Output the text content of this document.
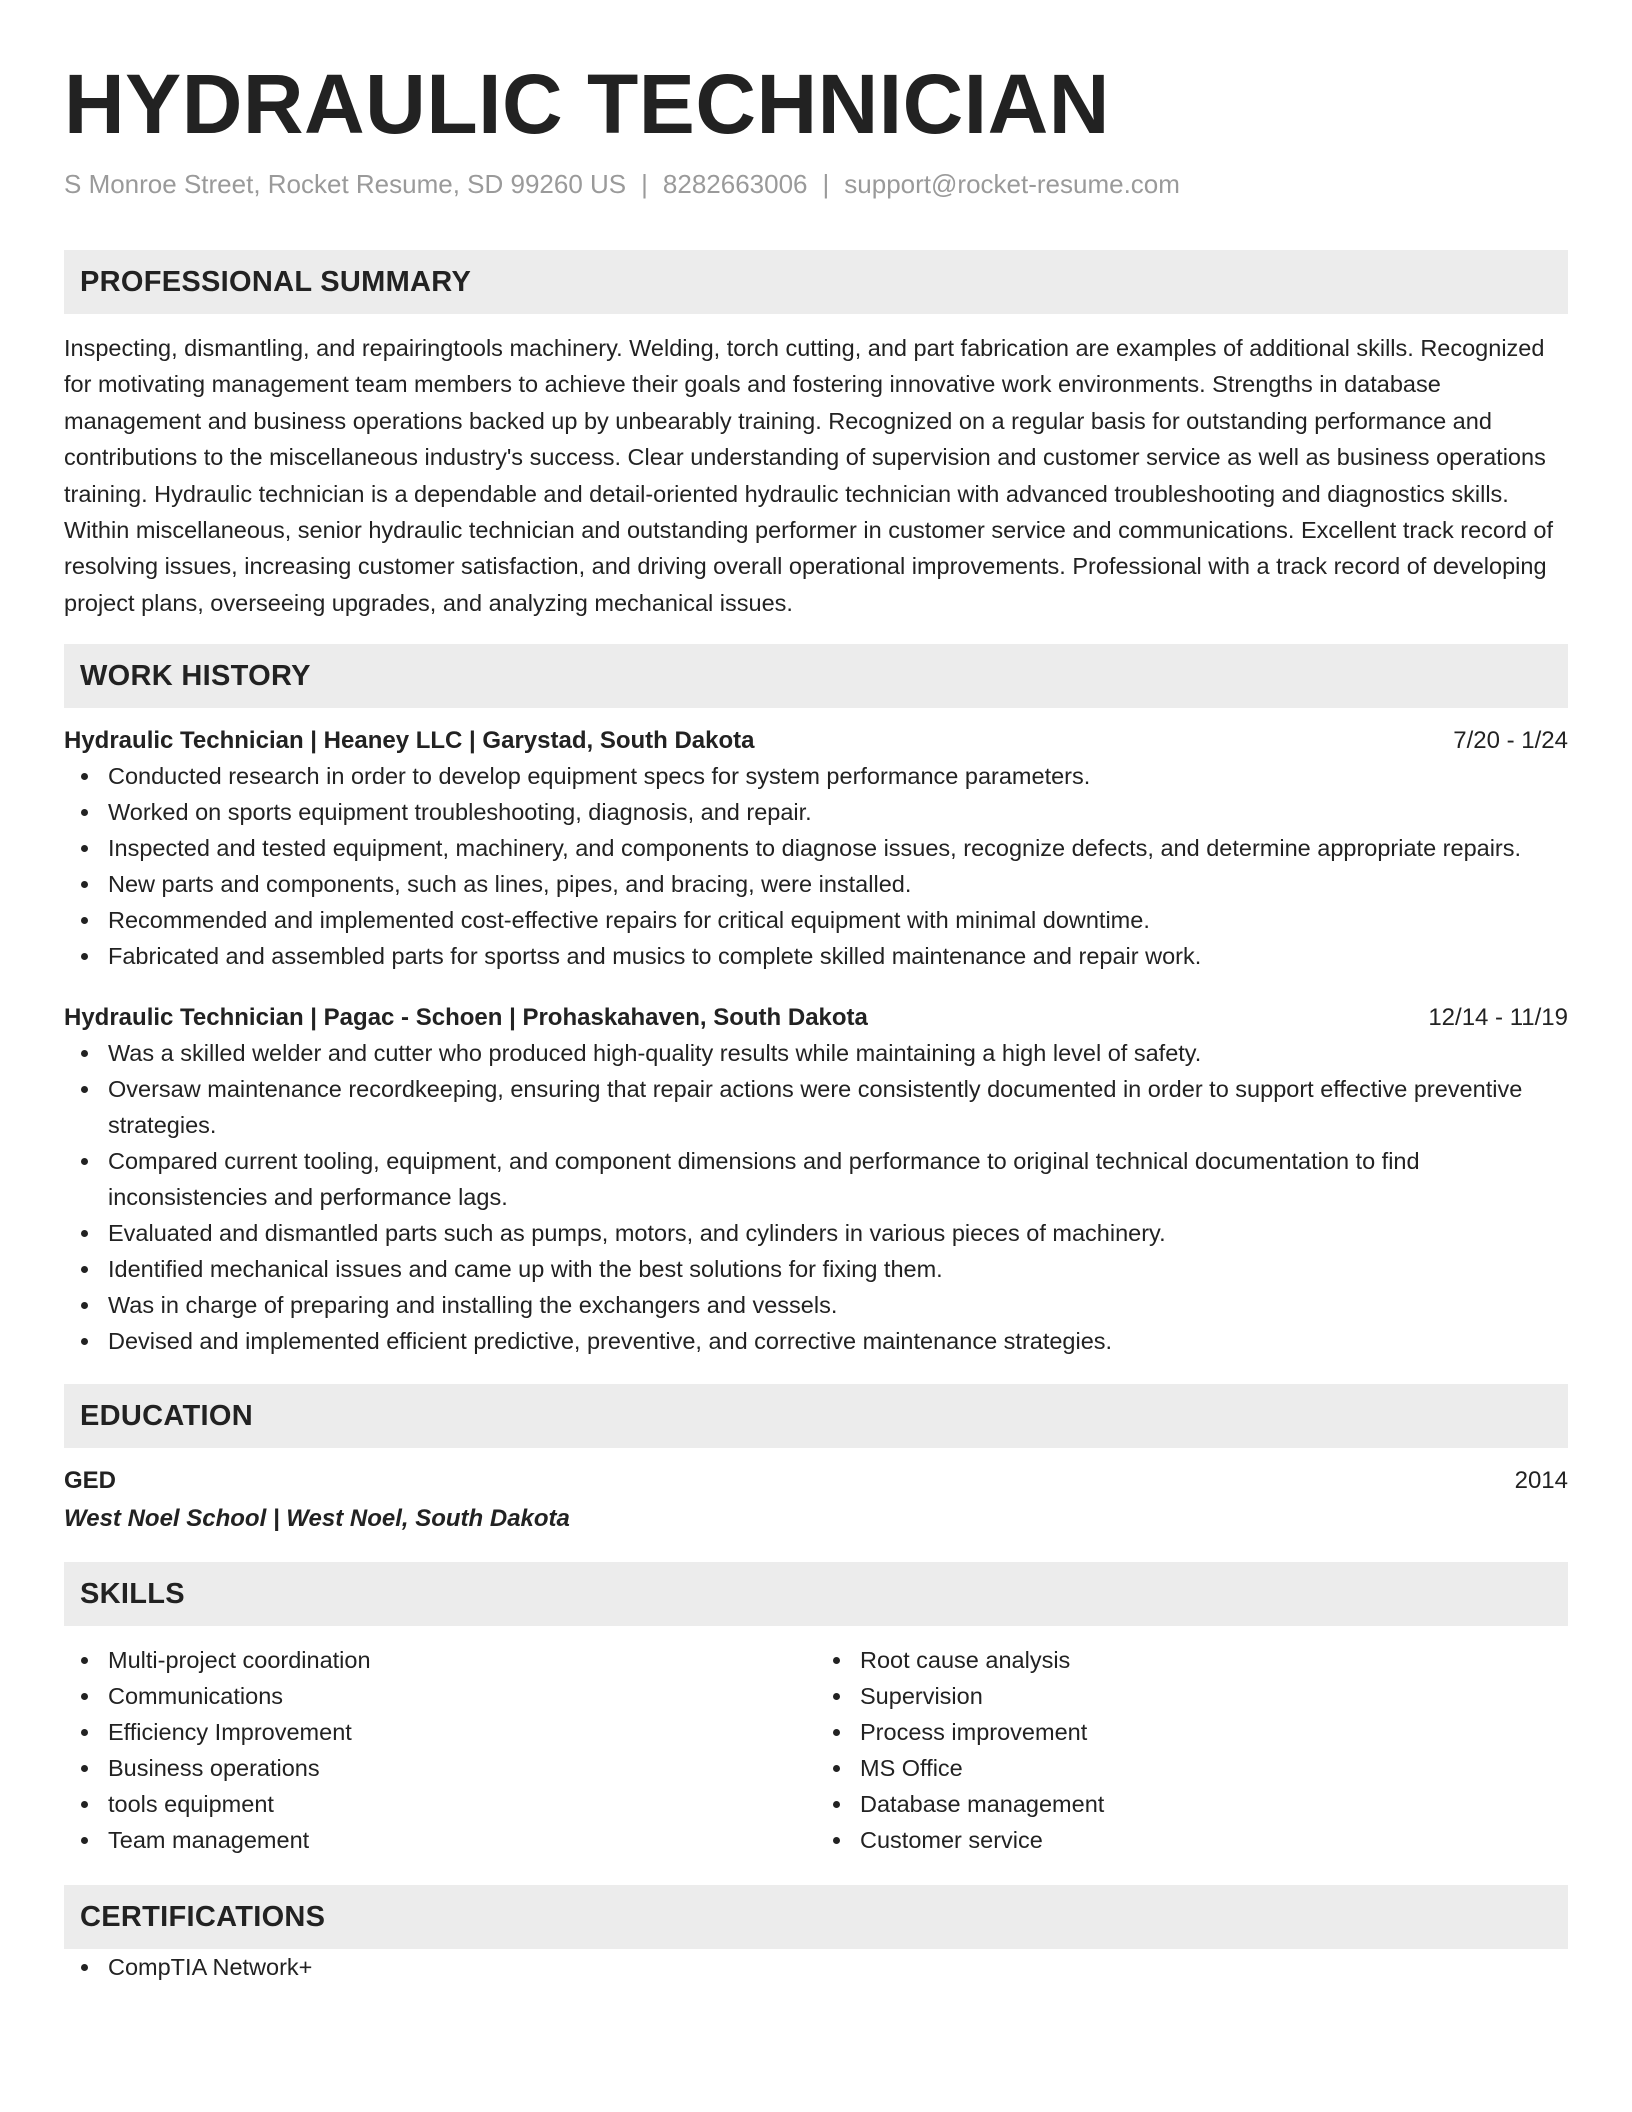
HYDRAULIC TECHNICIAN
S Monroe Street, Rocket Resume, SD 99260 US | 8282663006 | support@rocket-resume.com
PROFESSIONAL SUMMARY
Inspecting, dismantling, and repairingtools machinery. Welding, torch cutting, and part fabrication are examples of additional skills. Recognized for motivating management team members to achieve their goals and fostering innovative work environments. Strengths in database management and business operations backed up by unbearably training. Recognized on a regular basis for outstanding performance and contributions to the miscellaneous industry's success. Clear understanding of supervision and customer service as well as business operations training. Hydraulic technician is a dependable and detail-oriented hydraulic technician with advanced troubleshooting and diagnostics skills. Within miscellaneous, senior hydraulic technician and outstanding performer in customer service and communications. Excellent track record of resolving issues, increasing customer satisfaction, and driving overall operational improvements. Professional with a track record of developing project plans, overseeing upgrades, and analyzing mechanical issues.
WORK HISTORY
Hydraulic Technician | Heaney LLC | Garystad, South Dakota	7/20 - 1/24
Conducted research in order to develop equipment specs for system performance parameters.
Worked on sports equipment troubleshooting, diagnosis, and repair.
Inspected and tested equipment, machinery, and components to diagnose issues, recognize defects, and determine appropriate repairs.
New parts and components, such as lines, pipes, and bracing, were installed.
Recommended and implemented cost-effective repairs for critical equipment with minimal downtime.
Fabricated and assembled parts for sportss and musics to complete skilled maintenance and repair work.
Hydraulic Technician | Pagac - Schoen | Prohaskahaven, South Dakota	12/14 - 11/19
Was a skilled welder and cutter who produced high-quality results while maintaining a high level of safety.
Oversaw maintenance recordkeeping, ensuring that repair actions were consistently documented in order to support effective preventive strategies.
Compared current tooling, equipment, and component dimensions and performance to original technical documentation to find inconsistencies and performance lags.
Evaluated and dismantled parts such as pumps, motors, and cylinders in various pieces of machinery.
Identified mechanical issues and came up with the best solutions for fixing them.
Was in charge of preparing and installing the exchangers and vessels.
Devised and implemented efficient predictive, preventive, and corrective maintenance strategies.
EDUCATION
GED	2014
West Noel School | West Noel, South Dakota
SKILLS
Multi-project coordination
Communications
Efficiency Improvement
Business operations
tools equipment
Team management
Root cause analysis
Supervision
Process improvement
MS Office
Database management
Customer service
CERTIFICATIONS
CompTIA Network+
